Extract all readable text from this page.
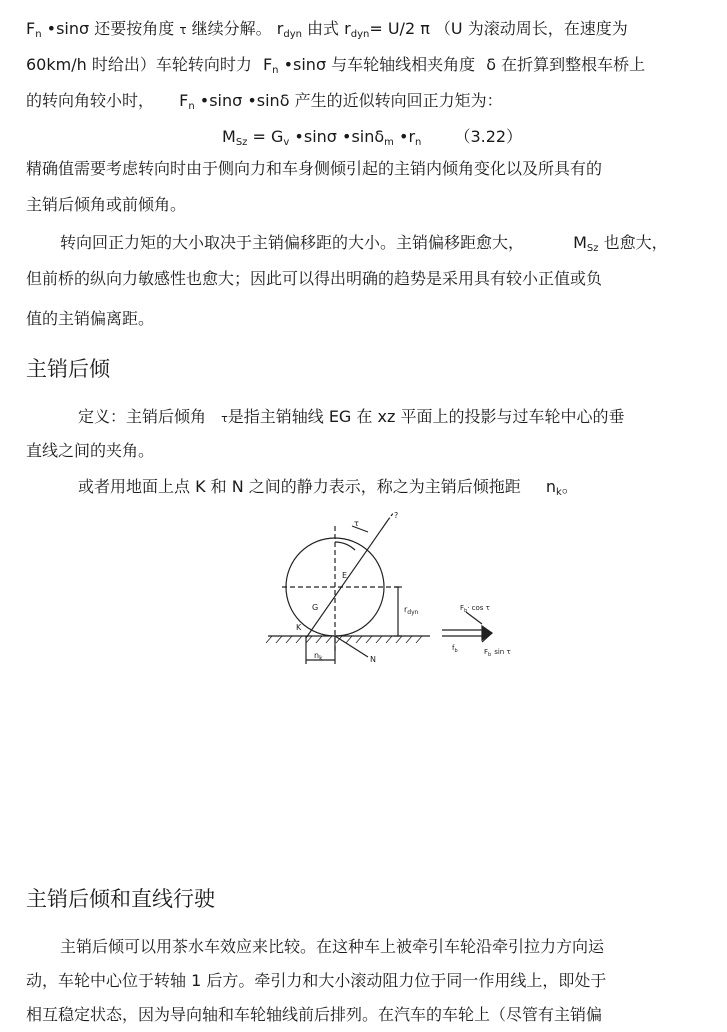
$F_n$ •sinσ 还要按角度 τ 继续分解。 $r_{dyn}$ 由式 $r_{dyn}= U/2$ π （U 为滚动周长，在速度为
60km/h 时给出）车轮转向时力 $F_n$ •sinσ 与车轮轴线相夹角度 δ 在折算到整根车桥上
的转向角较小时， $F_n$ •sinσ •sinδ 产生的近似转向回正力矩为：
$M_{Sz} = G_v$ •sinσ •sinδ$_m$ $•r_n$ （3.22）
精确值需要考虑转向时由于侧向力和车身侧倾引起的主销内倾角变化以及所具有的
主销后倾角或前倾角。
转向回正力矩的大小取决于主销偏移距的大小。主销偏移距愈大，	$M_{Sz}$ 也愈大，
但前桥的纵向力敏感性也愈大；因此可以得出明确的趋势是采用具有较小正值或负
值的主销偏离距。
主销后倾
定义：主销后倾角 τ是指主销轴线 EG 在 xz 平面上的投影与过车轮中心的垂
直线之间的夹角。
或者用地面上点 K 和 N 之间的静力表示，称之为主销后倾拖距 $n_k$。
τ
?
E
G
K
N
$r_{dyn}$
$n_k$
$F_b\cdot \cos \tau$
$F_b$ sin τ
$f_b$
主销后倾和直线行驶
主销后倾可以用茶水车效应来比较。在这种车上被牵引车轮沿牵引拉力方向运
动，车轮中心位于转轴 1 后方。牵引力和大小滚动阻力位于同一作用线上，即处于
相互稳定状态，因为导向轴和车轮轴线前后排列。在汽车的车轮上（尽管有主销偏
